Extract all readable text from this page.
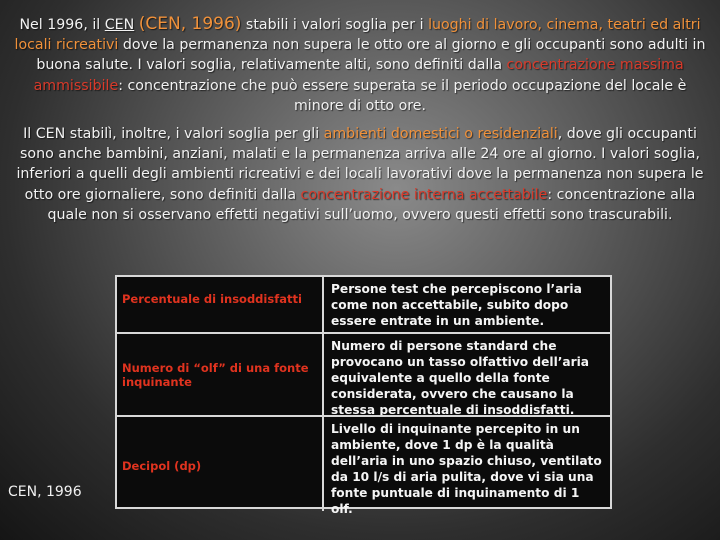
Nel 1996, il CEN (CEN, 1996) stabili i valori soglia per i luoghi di lavoro, cinema, teatri ed altri locali ricreativi dove la permanenza non supera le otto ore al giorno e gli occupanti sono adulti in buona salute. I valori soglia, relativamente alti, sono definiti dalla concentrazione massima ammissibile: concentrazione che può essere superata se il periodo occupazione del locale è minore di otto ore.
Il CEN stabilì, inoltre, i valori soglia per gli ambienti domestici o residenziali, dove gli occupanti sono anche bambini, anziani, malati e la permanenza arriva alle 24 ore al giorno. I valori soglia, inferiori a quelli degli ambienti ricreativi e dei locali lavorativi dove la permanenza non supera le otto ore giornaliere, sono definiti dalla concentrazione interna accettabile: concentrazione alla quale non si osservano effetti negativi sull’uomo, ovvero questi effetti sono trascurabili.
Percentuale di insoddisfatti
Persone test che percepiscono l’aria come non accettabile, subito dopo essere entrate in un ambiente.
Numero di “olf” di una fonte inquinante
Numero di persone standard che provocano un tasso olfattivo dell’aria equivalente a quello della fonte considerata, ovvero che causano la stessa percentuale di insoddisfatti.
Decipol (dp)
Livello di inquinante percepito in un ambiente, dove 1 dp è la qualità dell’aria in uno spazio chiuso, ventilato da 10 l/s di aria pulita, dove vi sia una fonte puntuale di inquinamento di 1 olf.
CEN, 1996
